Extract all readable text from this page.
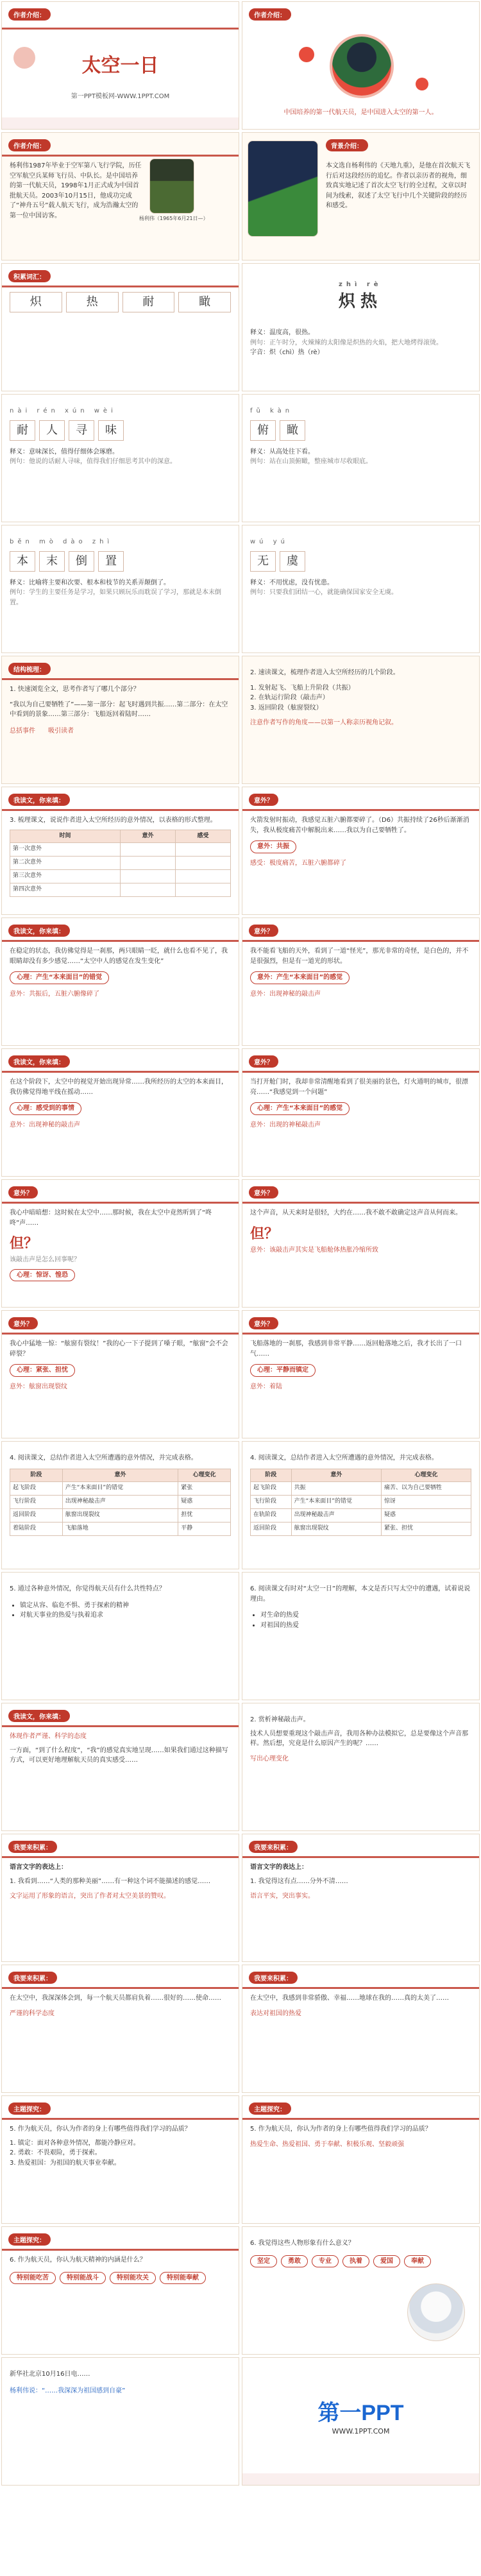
作者介绍：
太空一日
第一PPT模板网-WWW.1PPT.COM
作者介绍：
中国培养的第一代航天员，是中国进入太空的第一人。
作者介绍：
杨利伟（1965年6月21日—）
杨利伟1987年毕业于空军第八飞行学院，历任空军航空兵某师飞行员、中队长。是中国培养的第一代航天员，1998年1月正式成为中国首批航天员。2003年10月15日，他成功完成了“神舟五号”载人航天飞行，成为浩瀚太空的第一位中国访客。
背景介绍：
本文选自杨利伟的《天地九重》，是他在首次航天飞行后对这段经历的追忆。作者以亲历者的视角，细致真实地记述了首次太空飞行的全过程，文章以时间为线索，叙述了太空飞行中几个关键阶段的经历和感受。
积累词汇：
炽	热	耐	瞰
zhì rè
炽热
释义：温度高，很热。
例句：正午时分，火辣辣的太阳像是炽热的火焰，把大地烤得滚烫。
字音：炽（chì）热（rè）
nài rén xún wèi
耐	人	寻	味
释义：意味深长，值得仔细体会琢磨。
例句：他说的话耐人寻味，值得我们仔细思考其中的深意。
fǔ kàn
俯	瞰
释义：从高处往下看。
例句：站在山顶俯瞰，整座城市尽收眼底。
běn mò dào zhì
本	末	倒	置
释义：比喻将主要和次要、根本和枝节的关系弄颠倒了。
例句：学生的主要任务是学习，如果只顾玩乐而耽误了学习，那就是本末倒置。
wú yú
无	虞
释义：不用忧虑，没有忧患。
例句：只要我们团结一心，就能确保国家安全无虞。
结构梳理：
1. 快速浏览全文，思考作者写了哪几个部分？
“我以为自己要牺牲了”——第一部分：起飞时遇到共振……第二部分：在太空中看到的景象……第三部分：飞船返回着陆时……
总括事件 吸引读者
2. 速读课文，梳理作者进入太空所经历的几个阶段。
1. 发射起飞、飞船上升阶段（共振）
2. 在轨运行阶段（敲击声）
3. 返回阶段（舷窗裂纹）
注意作者写作的角度——以第一人称亲历视角记叙。
我读文，你来填：
3. 梳理课文，说说作者进入太空所经历的意外情况，以表格的形式整理。
时间	意外	感受
第一次意外		
第二次意外		
第三次意外		
第四次意外		
意外？
火箭发射时振动，我感觉五脏六腑都要碎了。（D6）共振持续了26秒后渐渐消失，我从极度痛苦中解脱出来……我以为自己要牺牲了。
意外：共振
感受：极度痛苦，五脏六腑都碎了
我读文，你来填：
在稳定的状态，我仿佛觉得是一刹那，两只眼睛一眨，就什么也看不见了，我眼睛却没有多少感觉……“太空中人的感觉在发生变化”
心理：产生“本来面目”的错觉
意外：共振后，五脏六腑像碎了
意外？
我不能看飞船的天外，看到了一道“怪光”，那光非常的奇怪，是白色的，并不是很强烈，但是有一道光的形状。
意外：产生“本来面目”的感觉
意外：出现神秘的敲击声
我读文，你来填：
在这个阶段下，太空中的视觉开始出现异常……我所经历的太空的本来面目，我仿佛觉得地平线在摇动……
心理：感受到的事情
意外：出现神秘的敲击声
意外？
当打开舱门时，我却非常清醒地看到了很美丽的景色，灯火通明的城市，很漂亮……“我感觉到一个问题”
心理：产生“本来面目”的感觉
意外：出现的神秘敲击声
意外？
我心中暗暗想：这时候在太空中……那时候，我在太空中竟然听到了“咚咚”声……
但？
该敲击声是怎么回事呢？
心理：惊讶、惶恐
意外？
这个声音，从天来时是很轻，大约在……我不敢不敢确定这声音从何而来。
但？
意外：该敲击声其实是飞船舱体热胀冷缩所致
意外？
我心中猛地一惊：“舷窗有裂纹！”我的心一下子提到了嗓子眼，“舷窗”会不会碎裂？
心理：紧张、担忧
意外：舷窗出现裂纹
意外？
飞船落地的一刹那，我感到非常平静……返回舱落地之后，我才长出了一口气……
心理：平静而镇定
意外：着陆
4. 阅读课文，总结作者进入太空所遭遇的意外情况，并完成表格。
阶段	意外	心理变化
起飞阶段	产生“本来面目”的错觉	紧张
飞行阶段	出现神秘敲击声	疑惑
返回阶段	舷窗出现裂纹	担忧
着陆阶段	飞船落地	平静
4. 阅读课文，总结作者进入太空所遭遇的意外情况，并完成表格。
阶段	意外	心理变化
起飞阶段	共振	痛苦、以为自己要牺牲
飞行阶段	产生“本来面目”的错觉	惊讶
在轨阶段	出现神秘敲击声	疑惑
返回阶段	舷窗出现裂纹	紧张、担忧
5. 通过各种意外情况，你觉得航天员有什么共性特点？
• 镇定从容、临危不惧、勇于探索的精神
• 对航天事业的热爱与执着追求
6. 阅读课文有时对“太空一日”的理解，本文是否只写太空中的遭遇，试着说说理由。
• 对生命的热爱
• 对祖国的热爱
我读文，你来填：
体现作者严谨、科学的态度
一方面，“到了什么程度”，“我”的感觉真实地呈现……如果我们通过这种描写方式，可以更好地理解航天员的真实感受……
2. 赏析神秘敲击声。
技术人员想要重现这个敲击声音，我用各种办法模拟它，总是要像这个声音那样。然后想，究竟是什么原因产生的呢？……
写出心理变化
我要来积累：
语言文字的表达上：
1. 我看到……“人类的那种美丽”……有一种这个词不能描述的感觉……
文字运用了形象的语言，突出了作者对太空美景的赞叹。
我要来积累：
语言文字的表达上：
1. 我觉得这有点……分外不清……
语言平实，突出事实。
我要来积累：
在太空中，我深深体会到，每一个航天员都肩负着……很好的……使命……
严谨的科学态度
我要来积累：
在太空中，我感到非常骄傲、幸福……地球在我的……真的太美了……
表达对祖国的热爱
主题探究：
5. 作为航天员，你认为作者的身上有哪些值得我们学习的品质？
1. 镇定：面对各种意外情况，都能冷静应对。
2. 勇敢：不畏艰险，勇于探索。
3. 热爱祖国：为祖国的航天事业奉献。
主题探究：
5. 作为航天员，你认为作者的身上有哪些值得我们学习的品质？
热爱生命、热爱祖国、勇于奉献、积极乐观、坚毅顽强
主题探究：
6. 作为航天员，你认为航天精神的内涵是什么？
特别能吃苦	特别能战斗	特别能攻关	特别能奉献
6. 我觉得这些人物形象有什么意义？
坚定	勇敢	专业	执着	爱国	奉献
新华社北京10月16日电……
杨利伟说：“……我深深为祖国感到自豪”
第一PPT
WWW.1PPT.COM
